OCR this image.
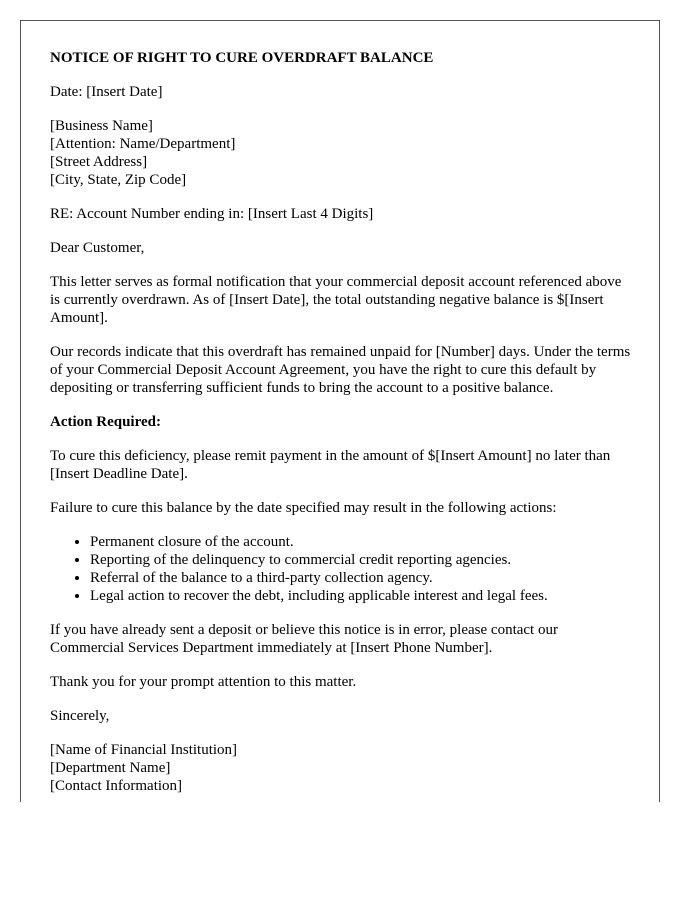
NOTICE OF RIGHT TO CURE OVERDRAFT BALANCE

Date: [Insert Date]

[Business Name]
[Attention: Name/Department]
[Street Address]
[City, State, Zip Code]

RE: Account Number ending in: [Insert Last 4 Digits]

Dear Customer,

This letter serves as formal notification that your commercial deposit account referenced above is currently overdrawn. As of [Insert Date], the total outstanding negative balance is $[Insert Amount].

Our records indicate that this overdraft has remained unpaid for [Number] days. Under the terms of your Commercial Deposit Account Agreement, you have the right to cure this default by depositing or transferring sufficient funds to bring the account to a positive balance.

Action Required:

To cure this deficiency, please remit payment in the amount of $[Insert Amount] no later than [Insert Deadline Date].

Failure to cure this balance by the date specified may result in the following actions:

• Permanent closure of the account.
• Reporting of the delinquency to commercial credit reporting agencies.
• Referral of the balance to a third-party collection agency.
• Legal action to recover the debt, including applicable interest and legal fees.

If you have already sent a deposit or believe this notice is in error, please contact our Commercial Services Department immediately at [Insert Phone Number].

Thank you for your prompt attention to this matter.

Sincerely,

[Name of Financial Institution]
[Department Name]
[Contact Information]
